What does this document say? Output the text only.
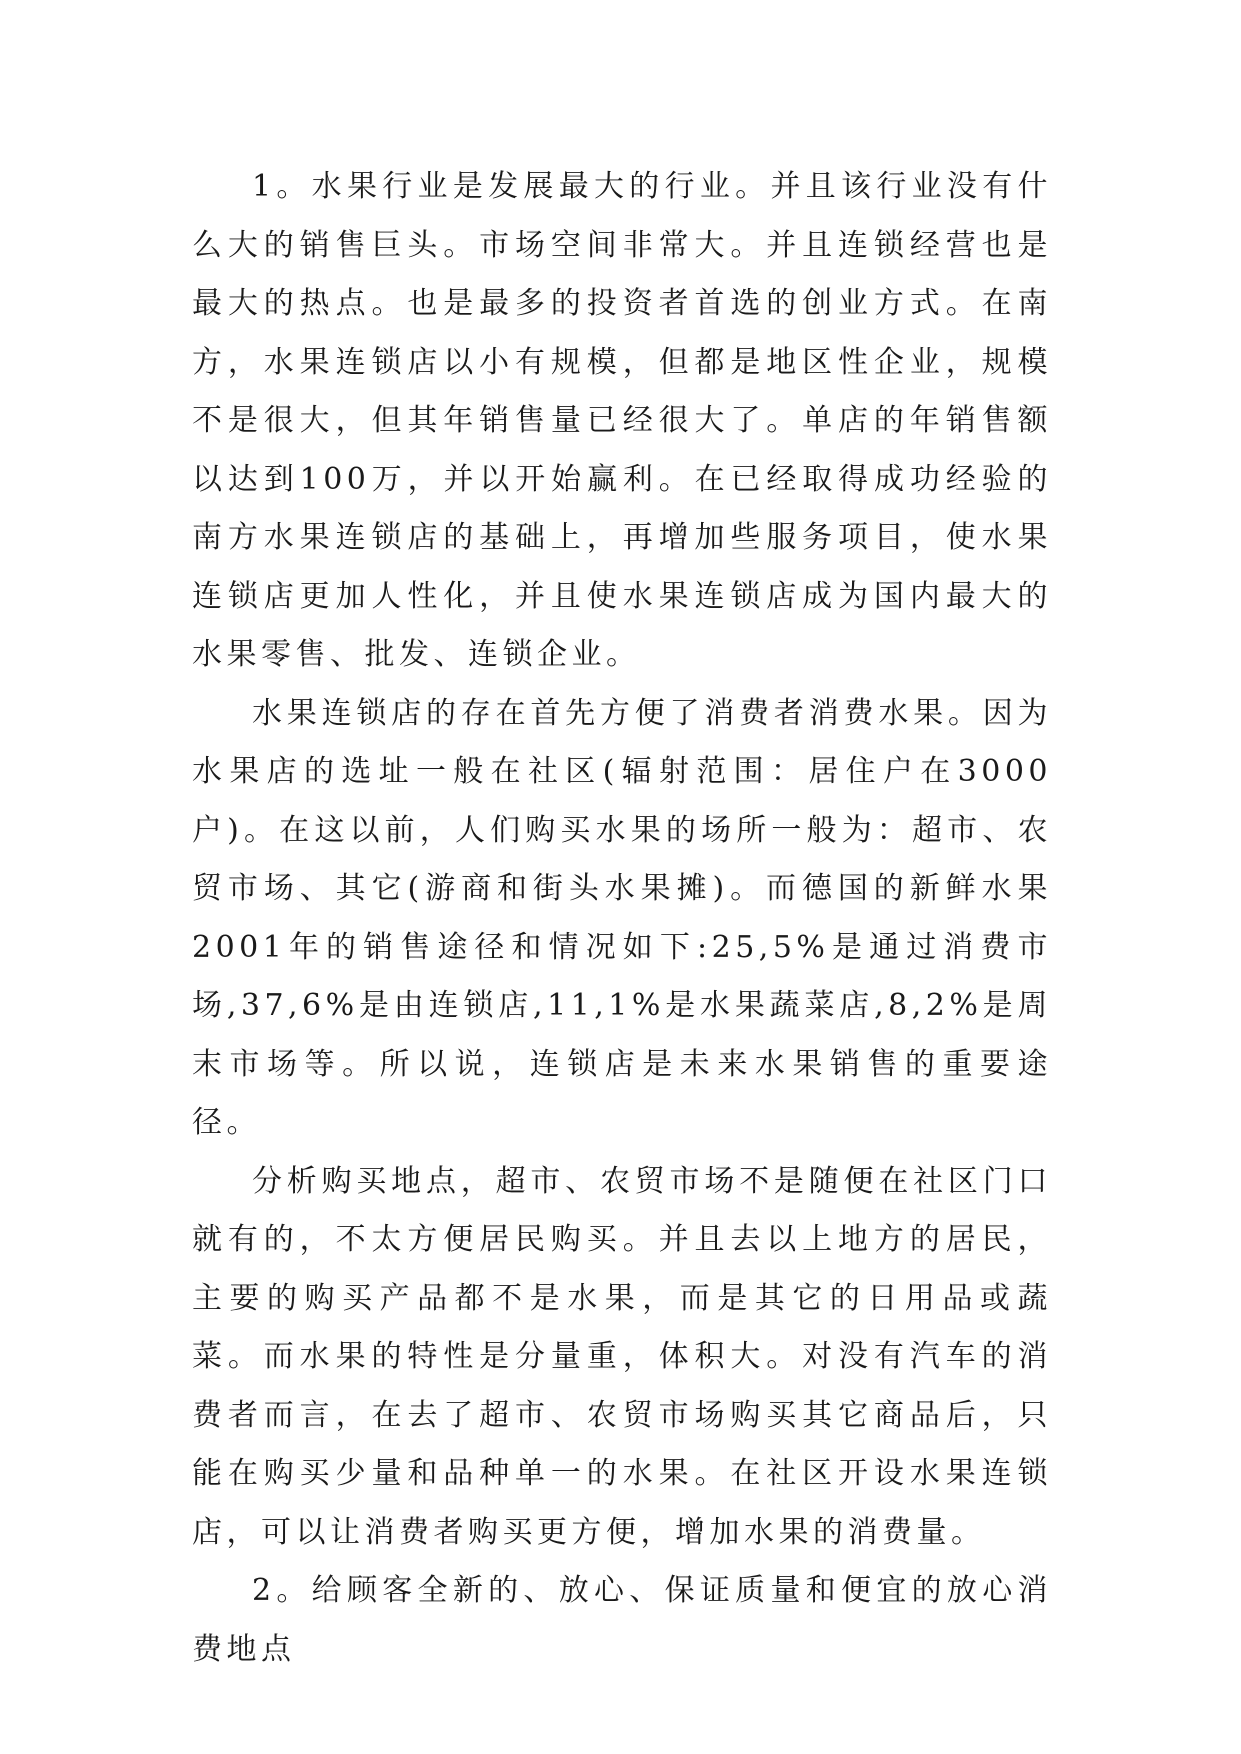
1。水果行业是发展最大的行业。并且该行业没有什么大的销售巨头。市场空间非常大。并且连锁经营也是最大的热点。也是最多的投资者首选的创业方式。在南方，水果连锁店以小有规模，但都是地区性企业，规模不是很大，但其年销售量已经很大了。单店的年销售额以达到100万，并以开始赢利。在已经取得成功经验的南方水果连锁店的基础上，再增加些服务项目，使水果连锁店更加人性化，并且使水果连锁店成为国内最大的水果零售、批发、连锁企业。

水果连锁店的存在首先方便了消费者消费水果。因为水果店的选址一般在社区(辐射范围：居住户在3000户)。在这以前，人们购买水果的场所一般为：超市、农贸市场、其它(游商和街头水果摊)。而德国的新鲜水果2001年的销售途径和情况如下:25,5%是通过消费市场,37,6%是由连锁店,11,1%是水果蔬菜店,8,2%是周末市场等。所以说，连锁店是未来水果销售的重要途径。

分析购买地点，超市、农贸市场不是随便在社区门口就有的，不太方便居民购买。并且去以上地方的居民，主要的购买产品都不是水果，而是其它的日用品或蔬菜。而水果的特性是分量重，体积大。对没有汽车的消费者而言，在去了超市、农贸市场购买其它商品后，只能在购买少量和品种单一的水果。在社区开设水果连锁店，可以让消费者购买更方便，增加水果的消费量。

2。给顾客全新的、放心、保证质量和便宜的放心消费地点
